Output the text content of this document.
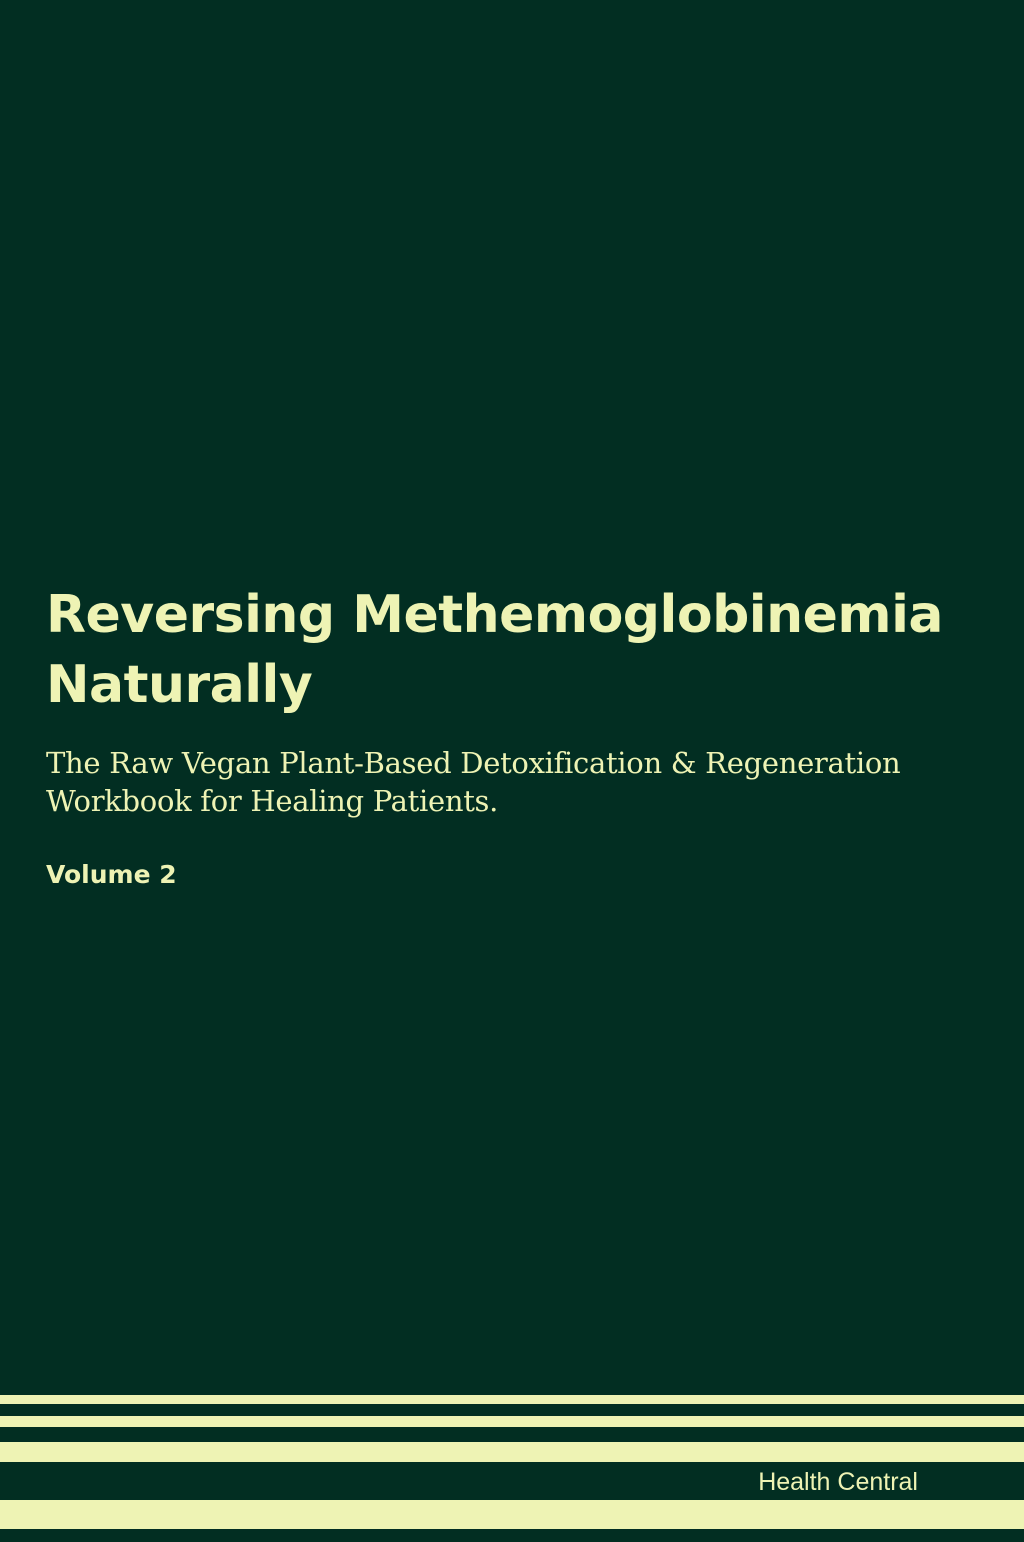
Reversing Methemoglobinemia
Naturally

The Raw Vegan Plant-Based Detoxification & Regeneration
Workbook for Healing Patients.

Volume 2

Health Central
